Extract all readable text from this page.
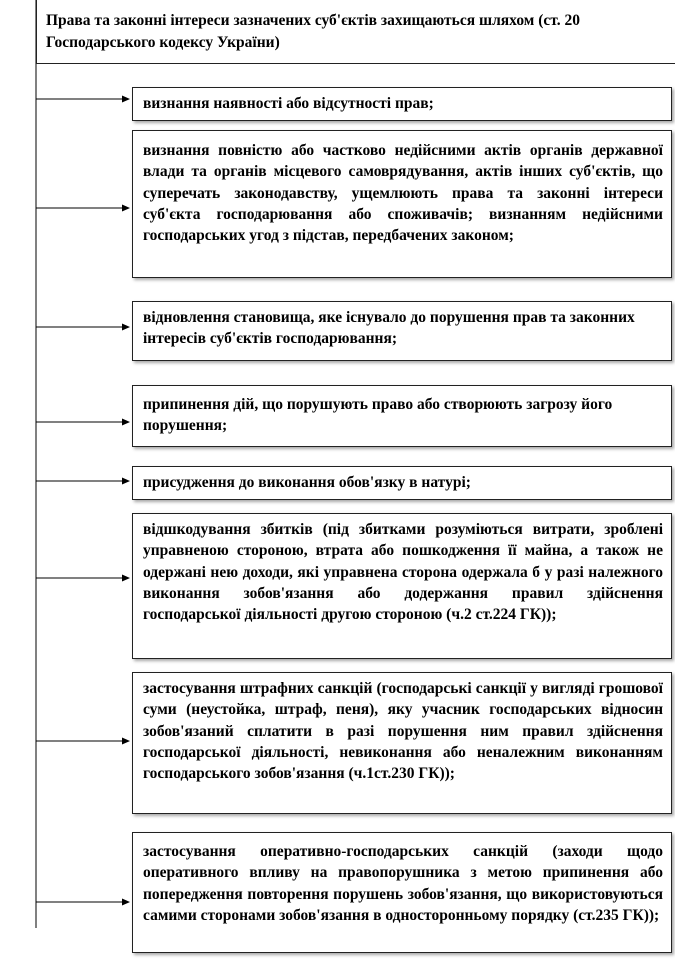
Права та законні інтереси зазначених суб'єктів захищаються шляхом (ст. 20 Господарського кодексу України)
визнання наявності або відсутності прав;
визнання повністю або частково недійсними актів органів державної влади та органів місцевого самоврядування, актів інших суб'єктів, що суперечать законодавству, ущемлюють права та законні інтереси суб'єкта господарювання або споживачів; визнанням недійсними господарських угод з підстав, передбачених законом;
відновлення становища, яке існувало до порушення прав та законних інтересів суб'єктів господарювання;
припинення дій, що порушують право або створюють загрозу його порушення;
присудження до виконання обов'язку в натурі;
відшкодування збитків (під збитками розуміються витрати, зроблені управненою стороною, втрата або пошкодження її майна, а також не одержані нею доходи, які управнена сторона одержала б у разі належного виконання зобов'язання або додержання правил здійснення господарської діяльності другою стороною (ч.2 ст.224 ГК));
застосування штрафних санкцій (господарські санкції у вигляді грошової суми (неустойка, штраф, пеня), яку учасник господарських відносин зобов'язаний сплатити в разі порушення ним правил здійснення господарської діяльності, невиконання або неналежним виконанням господарського зобов'язання (ч.1ст.230 ГК));
застосування оперативно-господарських санкцій (заходи щодо оперативного впливу на правопорушника з метою припинення або попередження повторення порушень зобов'язання, що використовуються самими сторонами зобов'язання в односторонньому порядку (ст.235 ГК));
